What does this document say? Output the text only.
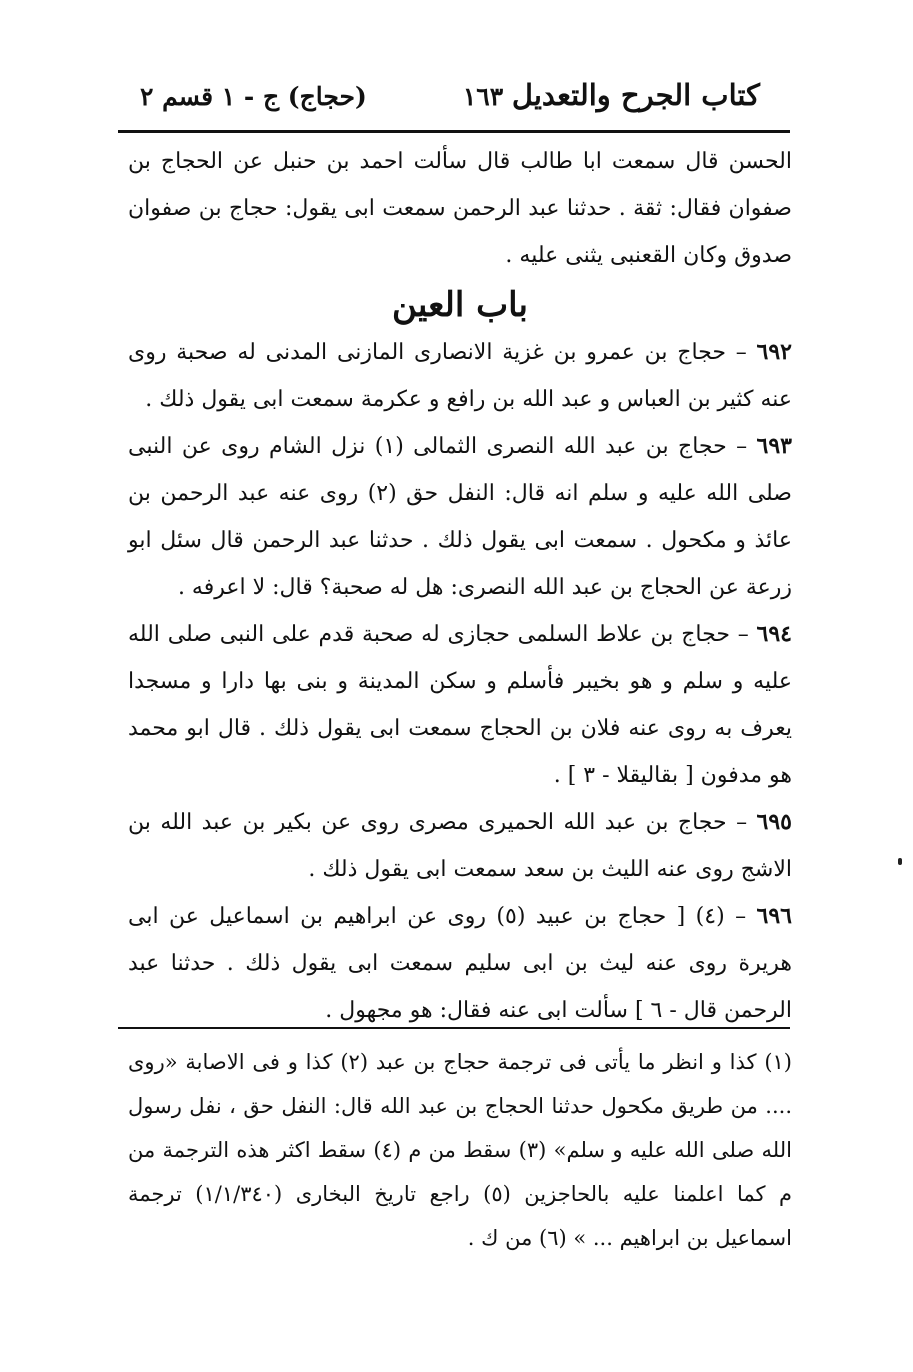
كتاب الجرح والتعديل
١٦٣
(حجاج) ج - ١ قسم ٢

الحسن قال سمعت ابا طالب قال سألت احمد بن حنبل عن الحجاج بن صفوان فقال: ثقة . حدثنا عبد الرحمن سمعت ابى يقول: حجاج بن صفوان صدوق وكان القعنبى يثنى عليه .

باب العين

٦٩٢ – حجاج بن عمرو بن غزية الانصارى المازنى المدنى له صحبة روى عنه كثير بن العباس و عبد الله بن رافع و عكرمة سمعت ابى يقول ذلك .

٦٩٣ – حجاج بن عبد الله النصرى الثمالى (١) نزل الشام روى عن النبى صلى الله عليه و سلم انه قال: النفل حق (٢) روى عنه عبد الرحمن بن عائذ و مكحول . سمعت ابى يقول ذلك . حدثنا عبد الرحمن قال سئل ابو زرعة عن الحجاج بن عبد الله النصرى: هل له صحبة؟ قال: لا اعرفه .

٦٩٤ – حجاج بن علاط السلمى حجازى له صحبة قدم على النبى صلى الله عليه و سلم و هو بخيبر فأسلم و سكن المدينة و بنى بها دارا و مسجدا يعرف به روى عنه فلان بن الحجاج سمعت ابى يقول ذلك . قال ابو محمد هو مدفون [ بقاليقلا - ٣ ] .

٦٩٥ – حجاج بن عبد الله الحميرى مصرى روى عن بكير بن عبد الله بن الاشج روى عنه الليث بن سعد سمعت ابى يقول ذلك .

٦٩٦ – (٤) [ حجاج بن عبيد (٥) روى عن ابراهيم بن اسماعيل عن ابى هريرة روى عنه ليث بن ابى سليم سمعت ابى يقول ذلك . حدثنا عبد الرحمن قال - ٦ ] سألت ابى عنه فقال: هو مجهول .

(١) كذا و انظر ما يأتى فى ترجمة حجاج بن عبد (٢) كذا و فى الاصابة «روى .... من طريق مكحول حدثنا الحجاج بن عبد الله قال: النفل حق ، نفل رسول الله صلى الله عليه و سلم» (٣) سقط من م (٤) سقط اكثر هذه الترجمة من م كما اعلمنا عليه بالحاجزين (٥) راجع تاريخ البخارى (١/١/٣٤٠) ترجمة اسماعيل بن ابراهيم ... » (٦) من ك .
